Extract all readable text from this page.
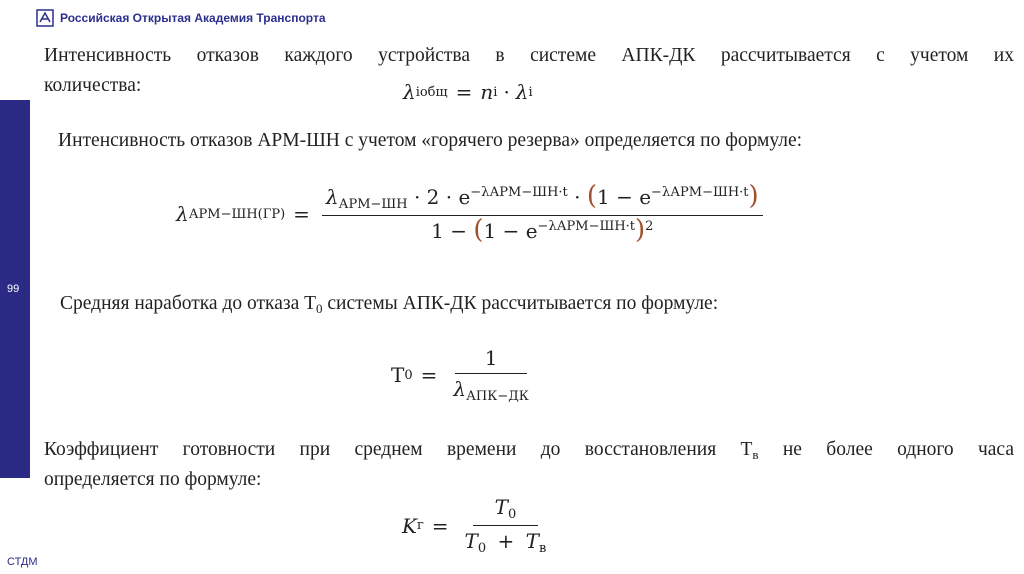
Российская Открытая Академия Транспорта
99
СТДМ

Интенсивность отказов каждого устройства в системе АПК-ДК рассчитывается с учетом их

количества:	λ i общ = n i · λ i

Интенсивность отказов АРМ-ШН с учетом «горячего резерва» определяется по формуле:

λ АРМ−ШН(ГР) =
$\lambda_{АРМ-ШН} \cdot 2 \cdot e^{-\lambda АРМ-ШН\cdot t} \cdot (1 - e^{-\lambda АРМ-ШН\cdot t})$
$1 - (1 - e^{-\lambda АРМ-ШН\cdot t})^2$

Средняя наработка до отказа $Т_0$ системы АПК-ДК рассчитывается по формуле:

Т $0 = \frac{1}{\lambda_{АПК-ДК}}$

Коэффициент готовности при среднем времени до восстановления $Т_в$ не более одного часа

определяется по формуле:

K $г = \frac{T_0}{T_0 + T_в}$
